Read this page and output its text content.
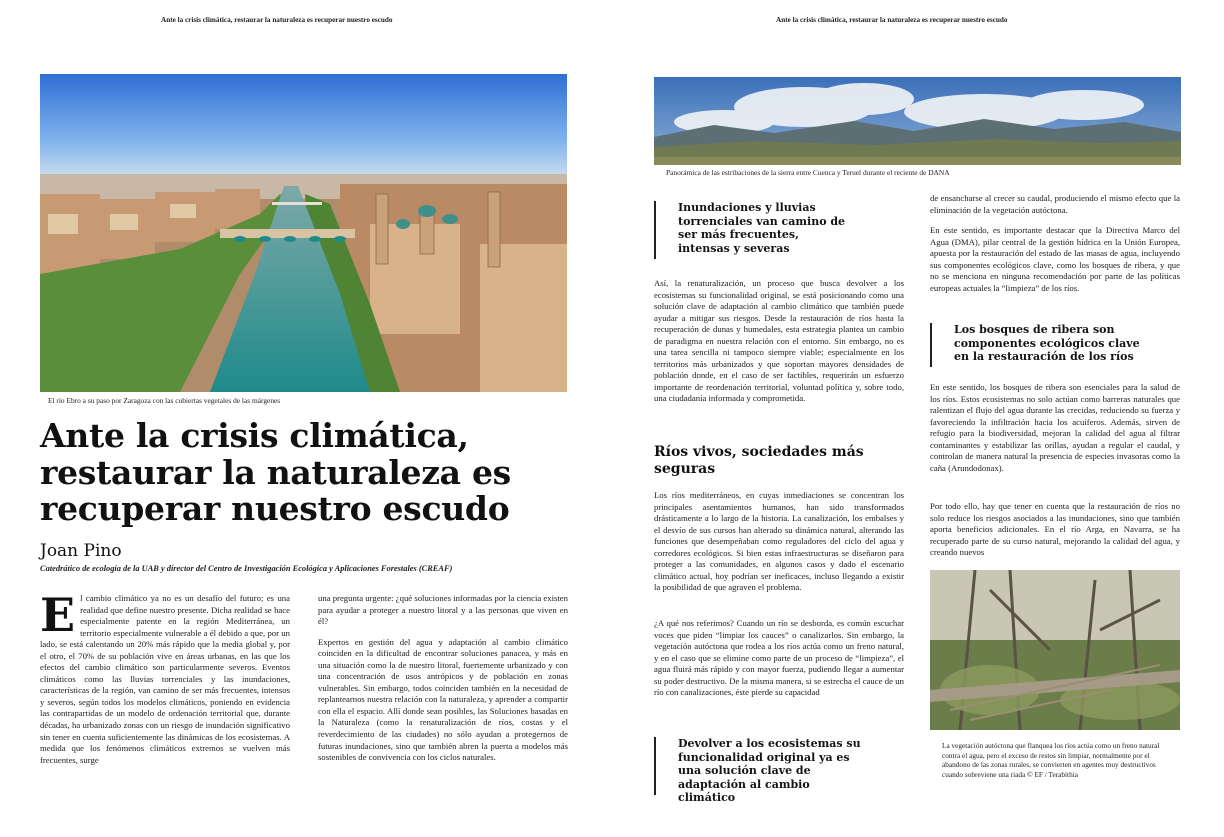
Ante la crisis climática, restaurar la naturaleza es recuperar nuestro escudo
El río Ebro a su paso por Zaragoza con las cubiertas vegetales de las márgenes
Ante la crisis climática,
restaurar la naturaleza es
recuperar nuestro escudo
Joan Pino
Catedrático de ecología de la UAB y director del Centro de Investigación Ecológica y Aplicaciones Forestales (CREAF)

El cambio climático ya no es un desafío del futuro; es una realidad que define nuestro presente. Dicha realidad se hace especialmente patente en la región Mediterránea, un territorio especialmente vulnerable a él debido a que, por un lado, se está calentando un 20% más rápido que la media global y, por el otro, el 70% de su población vive en áreas urbanas, en las que los efectos del cambio climático son particularmente severos. Eventos climáticos como las lluvias torrenciales y las inundaciones, características de la región, van camino de ser más frecuentes, intensos y severos, según todos los modelos climáticos, poniendo en evidencia las contrapartidas de un modelo de ordenación territorial que, durante décadas, ha urbanizado zonas con un riesgo de inundación significativo sin tener en cuenta suficientemente las dinámicas de los ecosistemas. A medida que los fenómenos climáticos extremos se vuelven más frecuentes, surge

una pregunta urgente: ¿qué soluciones informadas por la ciencia existen para ayudar a proteger a nuestro litoral y a las personas que viven en él?

Expertos en gestión del agua y adaptación al cambio climático coinciden en la dificultad de encontrar soluciones panacea, y más en una situación como la de nuestro litoral, fuertemente urbanizado y con una concentración de usos antrópicos y de población en zonas vulnerables. Sin embargo, todos coinciden también en la necesidad de replantearnos nuestra relación con la naturaleza, y aprender a compartir con ella el espacio. Allí donde sean posibles, las Soluciones basadas en la Naturaleza (como la renaturalización de ríos, costas y el reverdecimiento de las ciudades) no sólo ayudan a protegernos de futuras inundaciones, sino que también abren la puerta a modelos más sostenibles de convivencia con los ciclos naturales.

Ante la crisis climática, restaurar la naturaleza es recuperar nuestro escudo
Panorámica de las estribaciones de la sierra entre Cuenca y Teruel durante el reciente de DANA
Inundaciones y lluvias torrenciales van camino de ser más frecuentes, intensas y severas

Así, la renaturalización, un proceso que busca devolver a los ecosistemas su funcionalidad original, se está posicionando como una solución clave de adaptación al cambio climático que también puede ayudar a mitigar sus riesgos. Desde la restauración de ríos hasta la recuperación de dunas y humedales, esta estrategia plantea un cambio de paradigma en nuestra relación con el entorno. Sin embargo, no es una tarea sencilla ni tampoco siempre viable; especialmente en los territorios más urbanizados y que soportan mayores densidades de población donde, en el caso de ser factibles, requerirán un esfuerzo importante de reordenación territorial, voluntad política y, sobre todo, una ciudadanía informada y comprometida.

Ríos vivos, sociedades más seguras

Los ríos mediterráneos, en cuyas inmediaciones se concentran los principales asentamientos humanos, han sido transformados drásticamente a lo largo de la historia. La canalización, los embalses y el desvío de sus cursos han alterado su dinámica natural, alterando las funciones que desempeñaban como reguladores del ciclo del agua y corredores ecológicos. Si bien estas infraestructuras se diseñaron para proteger a las comunidades, en algunos casos y dado el escenario climático actual, hoy podrían ser ineficaces, incluso llegando a existir la posibilidad de que agraven el problema.

¿A qué nos referimos? Cuando un río se desborda, es común escuchar voces que piden “limpiar los cauces” o canalizarlos. Sin embargo, la vegetación autóctona que rodea a los ríos actúa como un freno natural, y en el caso que se elimine como parte de un proceso de “limpieza”, el agua fluirá más rápido y con mayor fuerza, pudiendo llegar a aumentar su poder destructivo. De la misma manera, si se estrecha el cauce de un río con canalizaciones, éste pierde su capacidad

Devolver a los ecosistemas su funcionalidad original ya es una solución clave de adaptación al cambio climático

de ensancharse al crecer su caudal, produciendo el mismo efecto que la eliminación de la vegetación autóctona.

En este sentido, es importante destacar que la Directiva Marco del Agua (DMA), pilar central de la gestión hídrica en la Unión Europea, apuesta por la restauración del estado de las masas de agua, incluyendo sus componentes ecológicos clave, como los bosques de ribera, y que no se menciona en ninguna recomendación por parte de las políticas europeas actuales la “limpieza” de los ríos.

Los bosques de ribera son componentes ecológicos clave en la restauración de los ríos

En este sentido, los bosques de ribera son esenciales para la salud de los ríos. Estos ecosistemas no solo actúan como barreras naturales que ralentizan el flujo del agua durante las crecidas, reduciendo su fuerza y favoreciendo la infiltración hacia los acuíferos. Además, sirven de refugio para la biodiversidad, mejoran la calidad del agua al filtrar contaminantes y estabilizar las orillas, ayudan a regular el caudal, y controlan de manera natural la presencia de especies invasoras como la caña (Arundodonax).

Por todo ello, hay que tener en cuenta que la restauración de ríos no solo reduce los riesgos asociados a las inundaciones, sino que también aporta beneficios adicionales. En el río Arga, en Navarra, se ha recuperado parte de su curso natural, mejorando la calidad del agua, y creando nuevos

La vegetación autóctona que flanquea los ríos actúa como un freno natural contra el agua, pero el exceso de restos sin limpiar, normalmente por el abandono de las zonas rurales, se convierten en agentes muy destructivos cuando sobreviene una riada © EF / Terabithia
